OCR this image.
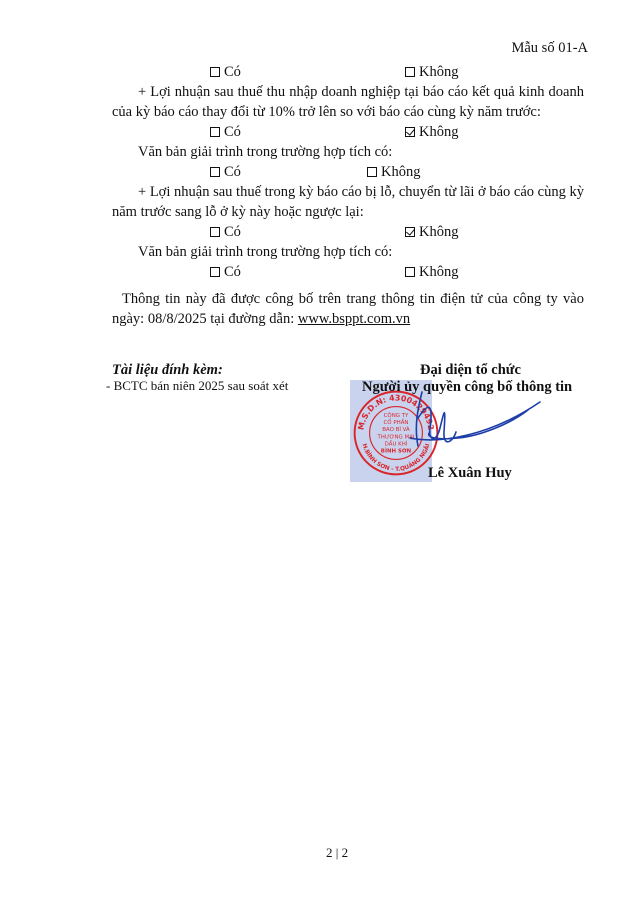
Mẫu số 01-A
Có	Không
+ Lợi nhuận sau thuế thu nhập doanh nghiệp tại báo cáo kết quả kinh doanh của kỳ báo cáo thay đổi từ 10% trở lên so với báo cáo cùng kỳ năm trước:
Có	Không
Văn bản giải trình trong trường hợp tích có:
Có	Không
+ Lợi nhuận sau thuế trong kỳ báo cáo bị lỗ, chuyển từ lãi ở báo cáo cùng kỳ năm trước sang lỗ ở kỳ này hoặc ngược lại:
Có	Không
Văn bản giải trình trong trường hợp tích có:
Có	Không
Thông tin này đã được công bố trên trang thông tin điện tử của công ty vào ngày: 08/8/2025 tại đường dẫn: www.bsppt.com.vn
Tài liệu đính kèm:
- BCTC bán niên 2025 sau soát xét
M.S.D.N: 4300429492
H.BÌNH SƠN - T.QUẢNG NGÃI
CÔNG TY
CỔ PHẦN
BAO BÌ VÀ
THƯƠNG MẠI
DẦU KHÍ
BÌNH SƠN
Đại diện tổ chức
Người ủy quyền công bố thông tin
Lê Xuân Huy
2 | 2
